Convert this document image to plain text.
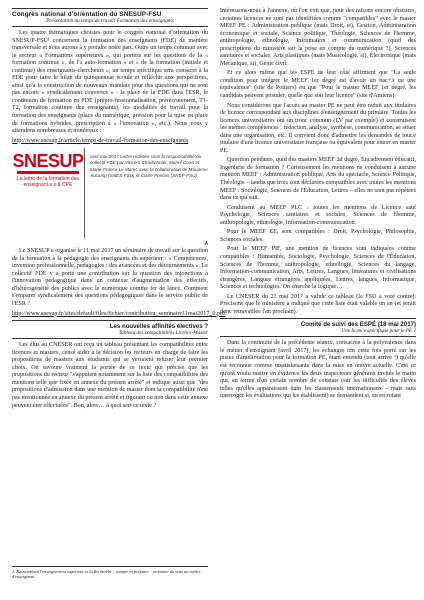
Congrès national d'orientation du SNESUP-FSU
Présentation du temps de travail Formation des enseignants

Les quatre thématiques choisies pour le congrès national d'orientation du SNESUP-FSU¹ concernent la formation des enseignants (FDE) de manière transversale et nous aurons à y prendre notre part. Outre un temps commun avec le secteur « Formations supérieures », qui portera sur les questions de la « formation continue », de l'« auto-formation » et « de la formation (initiale et continue) des enseignants-chercheurs », un temps spécifique sera consacré à la FDE pour faire le bilan du quinquennat écoulé et réfléchir aux perspectives, ainsi qu'à la construction de nouveaux mandats pour des questions qui ne sont pas encore « syndicalement couvertes » : la place de la FDE dans l'ESR, le continuum de formation en FDE (prépro-fessionnalisation, prérecrutement, T1-T2, formation continue des enseignants), les modalités de travail pour la formation des enseignants (place du numérique, pression pour la mise en place de formations hybrides, prescription à « l'innovation », etc.). Nous vous y attendons nombreuses et nombreux :

http://www.snesup.fr/article/temps-de-travail-formation-des-enseignants

SNESUP
La lettre de la formation des enseignant.e.s & CPE
avril-mai 2017 Lettre réalisée sous la responsabilité du collectif FDE par Vincent Charbonnier, Muriel Coret et Marie-France Le Marec avec la collaboration de Marianne Aucamp (SNES-FSU) et Claire Pontais (SNEP-FSU)
A

Le SNESUP a organisé le 11 mai 2017 un séminaire de travail sur la question de la formation à la pédagogie des enseignants du supérieur : « Compétences, invention professionnelle, pédagogies : des avancées et des détournements ». Le collectif FDE y a porté une contribution sur la question des injonctions à l'innovation pédagogique dans un contexte d'augmentation des effectifs, d'hétérogénéité des publics avec le numérique comme fer de lance. Comment s'emparer syndicalement des questions pédagogiques dans le service public de l'ESR ?

http://www.snesup.fr/sites/default/files/fichier/contribution_seminaire11mai2017_0.pdf

Les nouvelles affinités électives ?
Tableau des compatibilités Licence-Master

Les élus au CNESER ont reçu un tableau présentant les compatibilités entre licences et masters, censé aider à la décision les recteurs en charge de faire les propositions de masters aux étudiants qui se verraient refuser leur premier choix. On savoure vraiment la portée de ce texte qui précise que les propositions du recteur "s'appuient notamment sur la liste des compatibilités des mentions telle que fixée en annexe du présent arrêté" et indique aussi que "des propositions d'admission dans une mention de master dont la compatibilité n'est pas mentionnée en annexe du présent arrêté et figurant ou non dans cette annexe peuvent être effectuées". Bon, alors… à quoi sert ce texte ?

1. Rassemblant l'enseignement supérieur et la Recherche ; rompre et préparer : redonner du sens au métier d'enseignant.

Intéressons-nous à l'annexe, où l'on voit que, pour des raisons encore obscures, certaines licences ne sont pas identifiées comme "compatibles" avec le master MEEF PE : Administration publique (mais Droit, si), Gestion, Administration économique et sociale, Science politique, Théologie, Sciences de l'homme, anthropologie, ethnologie, Information et communication (quid des prescriptions du ministère sur la prise en compte du numérique ?), Sciences sanitaires et sociales, Arts plastiques (mais Musicologie, si), Électronique (mais Mécanique, si), Génie civil.

Et ce alors même que les ESPE de leur côté affirment que "La seule condition pour intégrer le MEEF 1er degré est d'avoir un bac+3 ou une équivalence" (site de Poitiers) ou que "Pour le master MEEF 1er degré, les candidats peuvent postuler, quelle que soit leur licence" (site d'Amiens).

Nous considérons que l'accès au master PE ne peut être réduit aux titulaires de licence correspondant aux disciplines d'enseignement du primaire. Toutes les licences universitaires ont un tronc commun (LV par exemple) et construisent les mêmes compétences : rédaction, analyse, synthèse, communication, se situer dans une organisation, etc. Il convient donc d'admettre les demandes de tout.e titulaire d'une licence universitaire française ou équivalent pour entrer en master PE.

Question pendante, quid des masters MEEF 2d degré, Encadrement éducatif, Ingénierie de formation ? Curieusement les mentions ne conduisent à aucune mention MEEF : Administration publique, Arts du spectacle, Science Politique, Théologie – tandis que trois sont déclarées compatibles avec toutes les mentions MEEF : Sociologie, Sciences de l'Éducation, Lettres – elles ne sont pas répétées dans ce qui suit.

Conduisent au MEEF PLC : toutes les mentions de Licence sauf Psychologie, Sciences sanitaires et sociales, Sciences de l'homme, anthropologie, ethnologie, Information-communication.

Pour le MEEF EE, sont compatibles : Droit, Psychologie, Philosophie, Sciences sociales.

Pour le MEEF PIF, une mention de licences sont indiquées comme compatibles : Humanités, Sociologie, Psychologie, Sciences de l'Éducation, Sciences de l'homme, anthropologie, ethnologie, Sciences du langage, Information-communication, Arts, Lettres, Langues, littératures et civilisations étrangères, Langues étrangères appliquées, Lettres, langues, Informatique, Sciences et technologies. On cherche la logique…

Le CNESER du 23 mai 2017 a validé ce tableau (la FSU a voté contre). Précisons que le ministère a indiqué que cette liste était valable un an (et serait donc retravaillée l'an prochain).

Comité de suivi des ESPÉ (18 mai 2017)
Une licence spécifique pour le PE ?

Dans la continuité de la précédente séance, consacrée à la polyvalence dans le métier d'enseignant (avril 2017), les échanges ont cette fois porté sur les pistes d'amélioration pour la formation PE, étant entendu (tout arrive !) qu'elle est reconnue comme insatisfaisante dans la mise en œuvre actuelle. C'est ce qu'ont voulu mettre en évidence les deux inspecteurs généraux invités le matin qui, au terme d'un certain nombre de constats (sur les difficultés des élèves telles qu'elles apparaissent dans les classements internationaux – mais sans interroger les évaluations qui les établissent) se demandent si, en recrutant
